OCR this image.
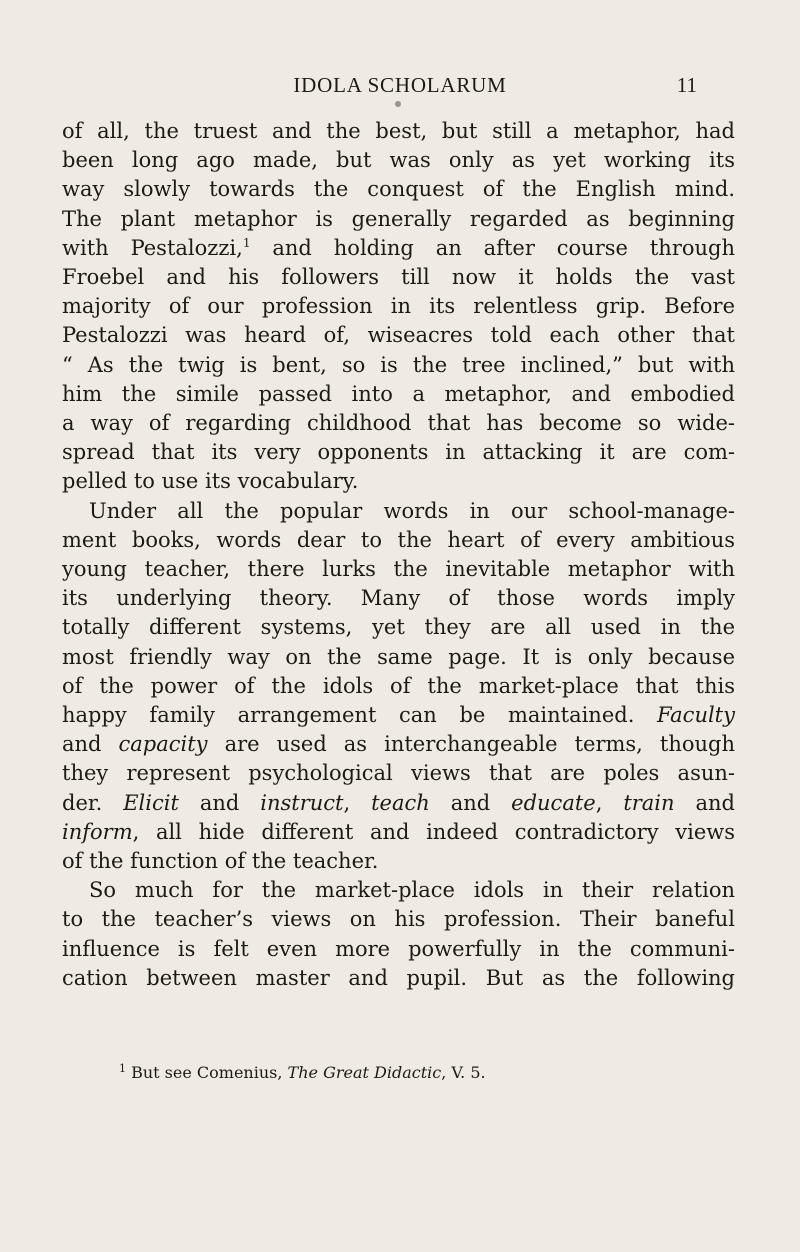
IDOLA SCHOLARUM	11
of all, the truest and the best, but still a metaphor, had
been long ago made, but was only as yet working its
way slowly towards the conquest of the English mind.
The plant metaphor is generally regarded as beginning
with Pestalozzi,$^1$ and holding an after course through
Froebel and his followers till now it holds the vast
majority of our profession in its relentless grip. Before
Pestalozzi was heard of, wiseacres told each other that
“ As the twig is bent, so is the tree inclined,” but with
him the simile passed into a metaphor, and embodied
a way of regarding childhood that has become so wide-
spread that its very opponents in attacking it are com-
pelled to use its vocabulary.
Under all the popular words in our school-manage-
ment books, words dear to the heart of every ambitious
young teacher, there lurks the inevitable metaphor with
its underlying theory. Many of those words imply
totally different systems, yet they are all used in the
most friendly way on the same page. It is only because
of the power of the idols of the market-place that this
happy family arrangement can be maintained. Faculty
and capacity are used as interchangeable terms, though
they represent psychological views that are poles asun-
der. Elicit and instruct, teach and educate, train and
inform, all hide different and indeed contradictory views
of the function of the teacher.
So much for the market-place idols in their relation
to the teacher’s views on his profession. Their baneful
influence is felt even more powerfully in the communi-
cation between master and pupil. But as the following
$^1$ But see Comenius, The Great Didactic, V. 5.
